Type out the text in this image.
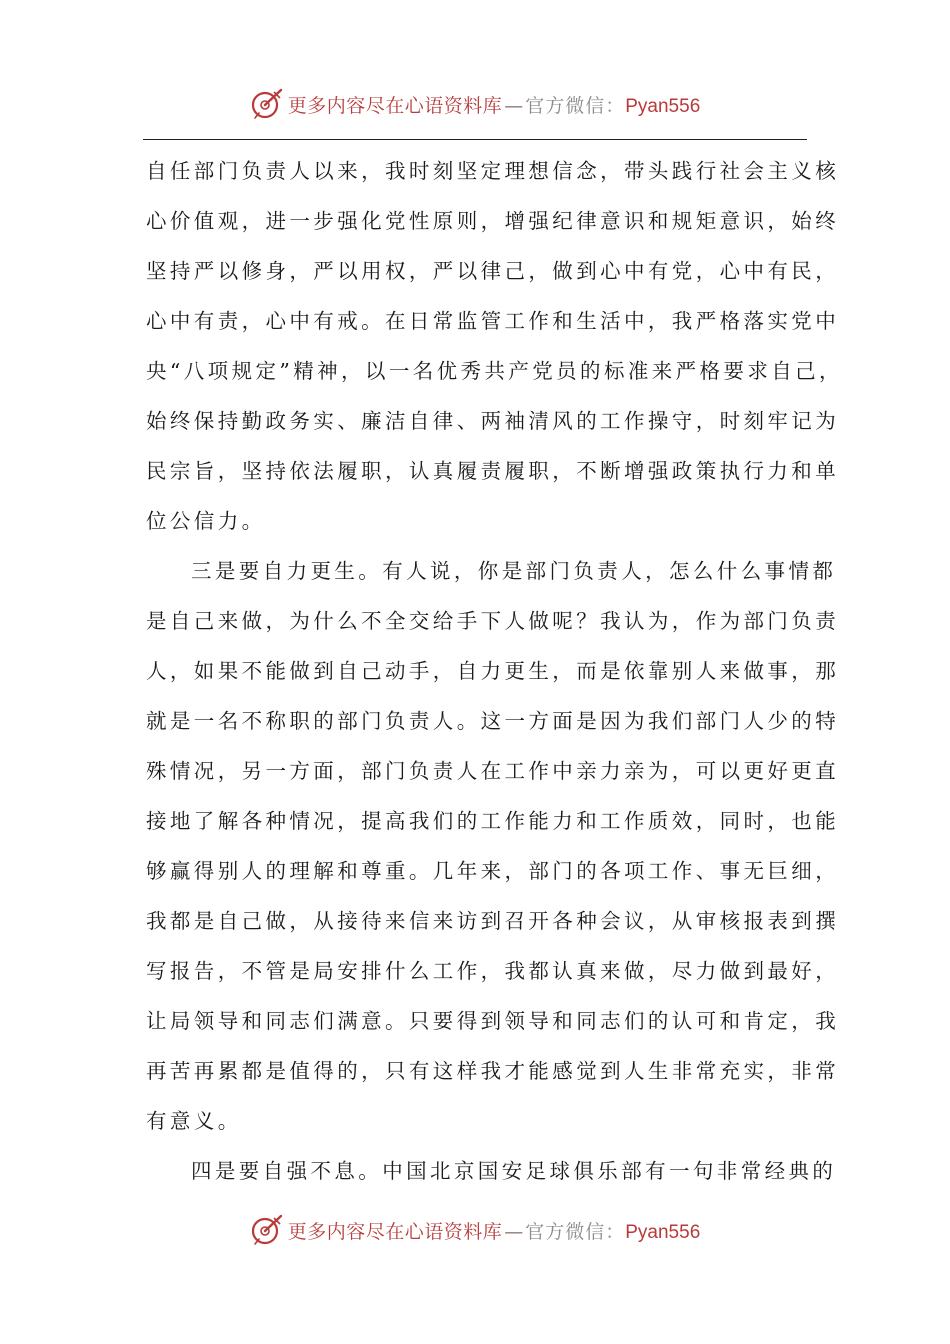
更多内容尽在心语资料库 — 官方微信： Pyan556
自任部门负责人以来，我时刻坚定理想信念，带头践行社会主义核
心价值观，进一步强化党性原则，增强纪律意识和规矩意识，始终
坚持严以修身，严以用权，严以律己，做到心中有党，心中有民，
心中有责，心中有戒。在日常监管工作和生活中，我严格落实党中
央“八项规定”精神，以一名优秀共产党员的标准来严格要求自己，
始终保持勤政务实、廉洁自律、两袖清风的工作操守，时刻牢记为
民宗旨，坚持依法履职，认真履责履职，不断增强政策执行力和单
位公信力。
三是要自力更生。有人说，你是部门负责人，怎么什么事情都
是自己来做，为什么不全交给手下人做呢？我认为，作为部门负责
人，如果不能做到自己动手，自力更生，而是依靠别人来做事，那
就是一名不称职的部门负责人。这一方面是因为我们部门人少的特
殊情况，另一方面，部门负责人在工作中亲力亲为，可以更好更直
接地了解各种情况，提高我们的工作能力和工作质效，同时，也能
够赢得别人的理解和尊重。几年来，部门的各项工作、事无巨细，
我都是自己做，从接待来信来访到召开各种会议，从审核报表到撰
写报告，不管是局安排什么工作，我都认真来做，尽力做到最好，
让局领导和同志们满意。只要得到领导和同志们的认可和肯定，我
再苦再累都是值得的，只有这样我才能感觉到人生非常充实，非常
有意义。
四是要自强不息。中国北京国安足球俱乐部有一句非常经典的
更多内容尽在心语资料库 — 官方微信： Pyan556
